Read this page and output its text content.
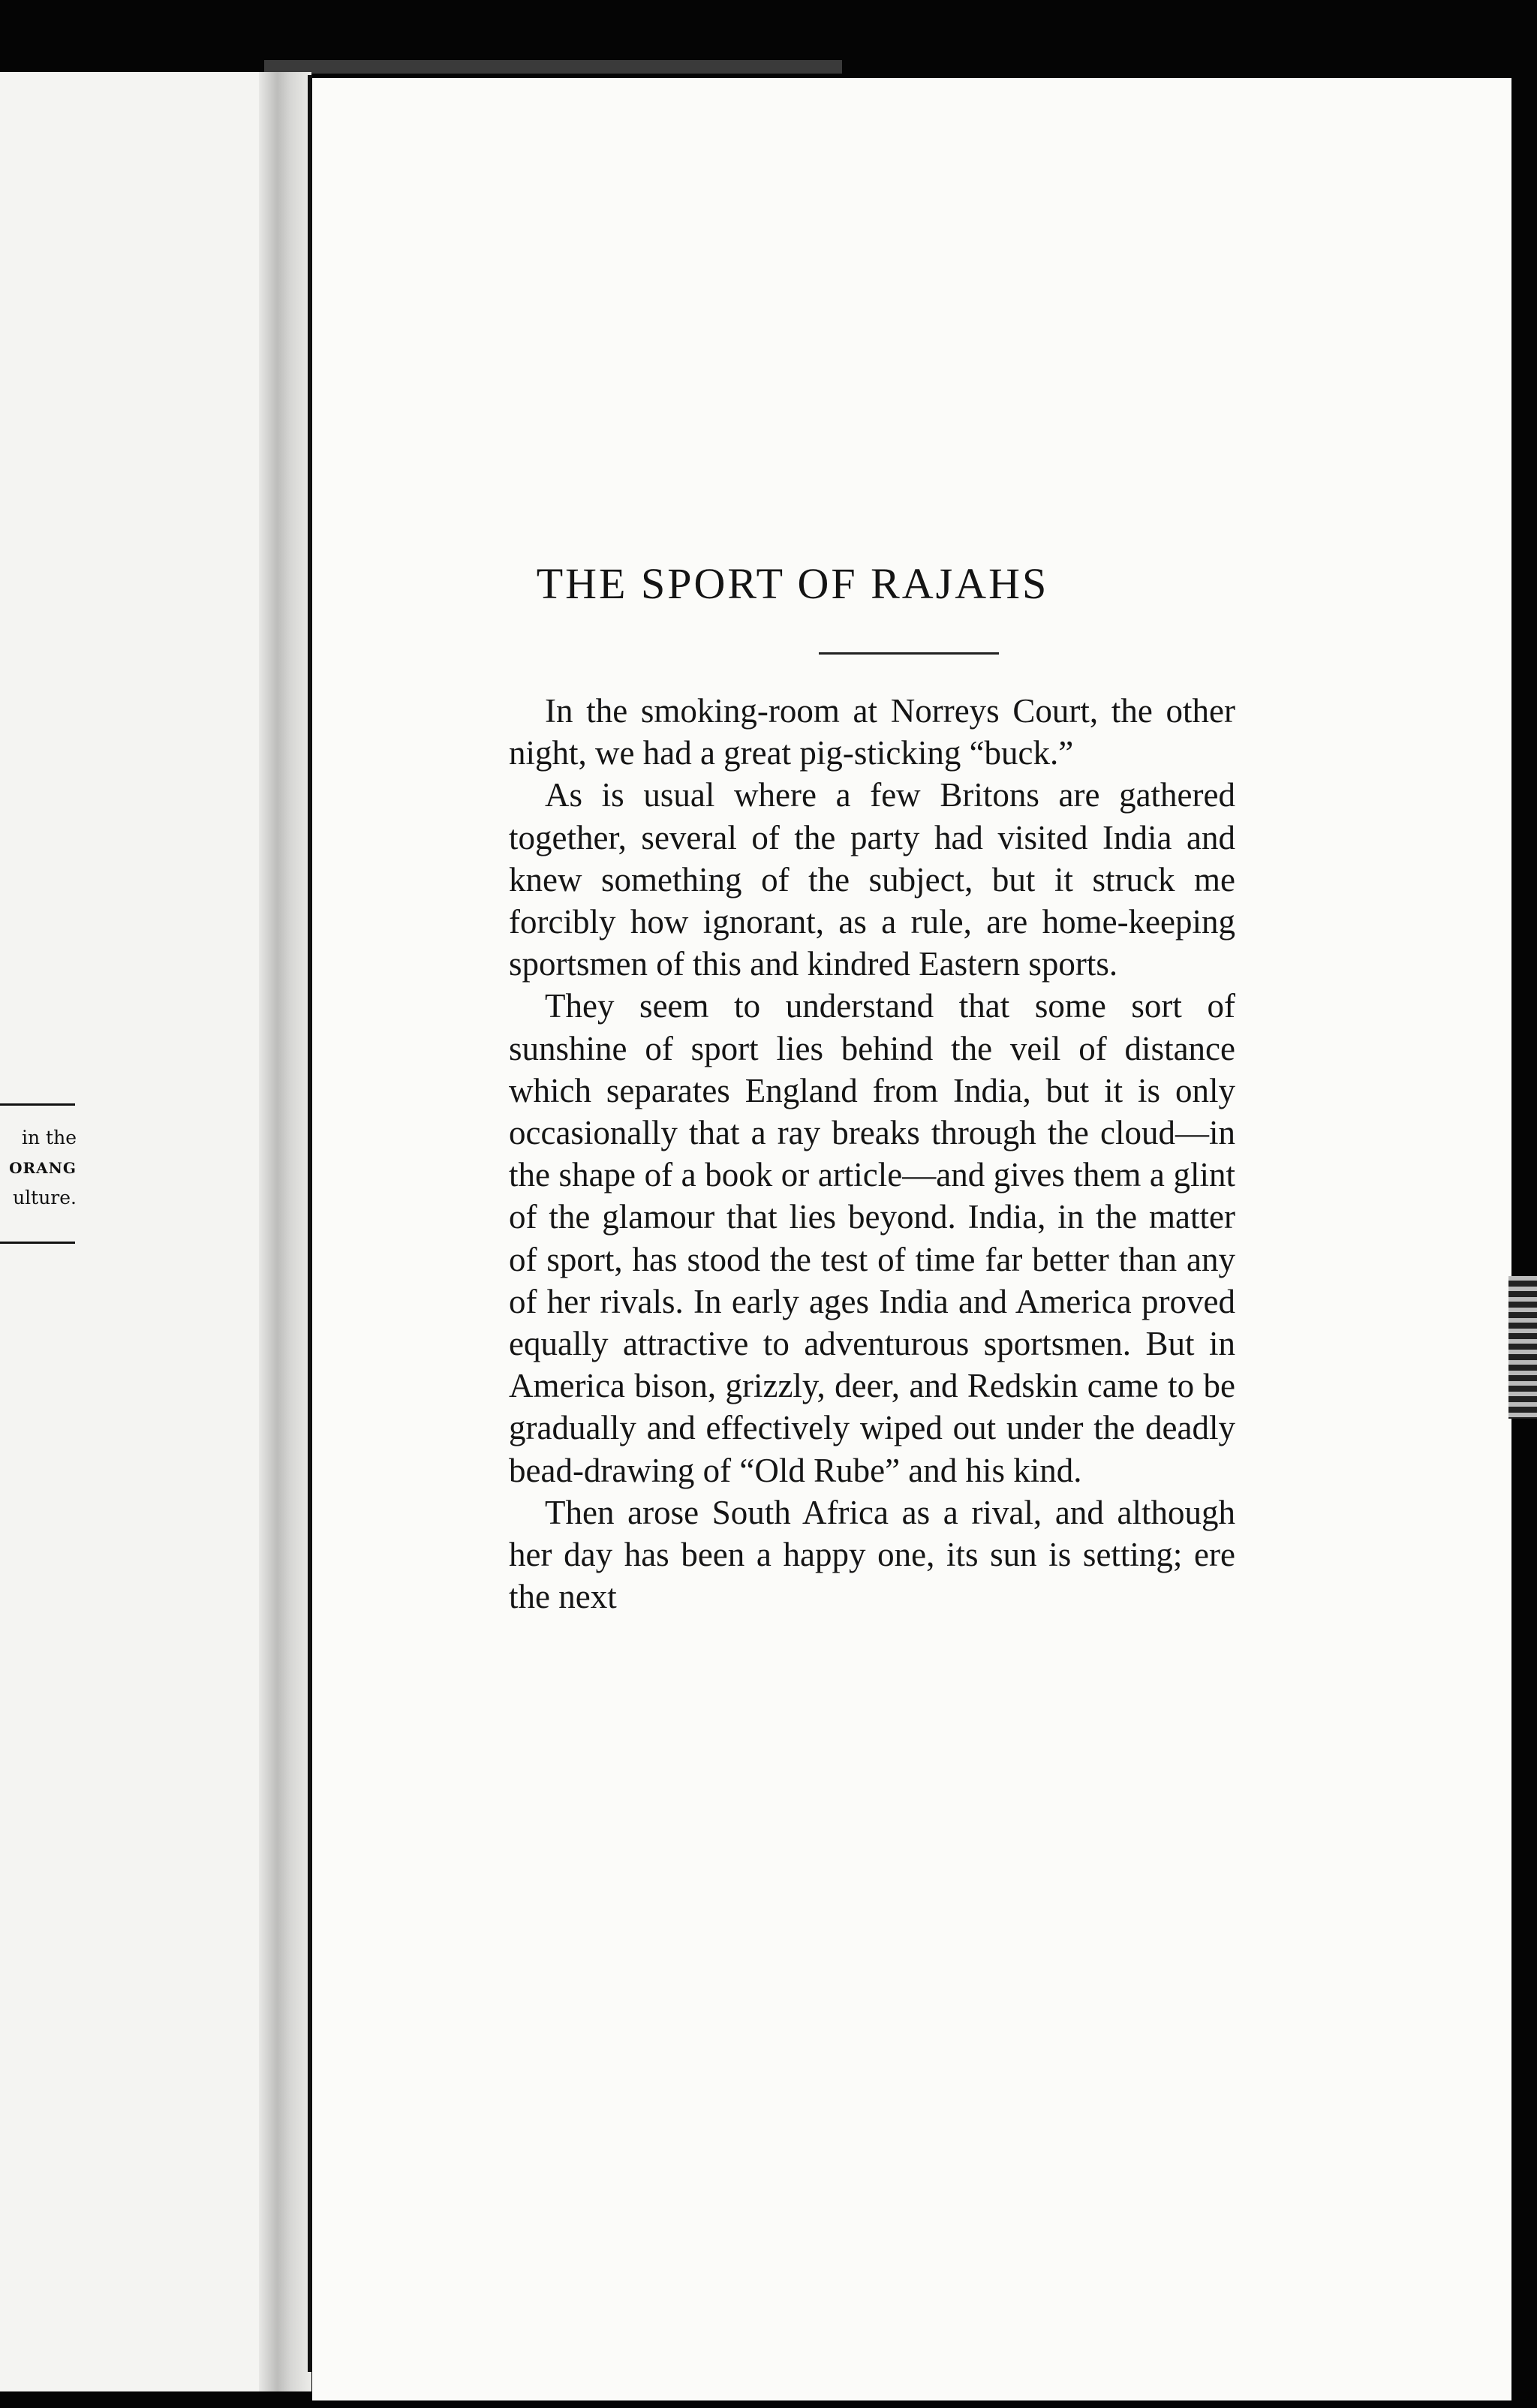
in the
ORANG
ulture.
THE SPORT OF RAJAHS

In the smoking-room at Norreys Court, the other night, we had a great pig-sticking “buck.”

As is usual where a few Britons are gathered together, several of the party had visited India and knew something of the subject, but it struck me forcibly how ignorant, as a rule, are home-keeping sportsmen of this and kindred Eastern sports.

They seem to understand that some sort of sunshine of sport lies behind the veil of distance which separates England from India, but it is only occasionally that a ray breaks through the cloud—in the shape of a book or article—and gives them a glint of the glamour that lies beyond. India, in the matter of sport, has stood the test of time far better than any of her rivals. In early ages India and America proved equally attractive to adventurous sportsmen. But in America bison, grizzly, deer, and Redskin came to be gradually and effectively wiped out under the deadly bead-drawing of “Old Rube” and his kind.

Then arose South Africa as a rival, and although her day has been a happy one, its sun is setting; ere the next
